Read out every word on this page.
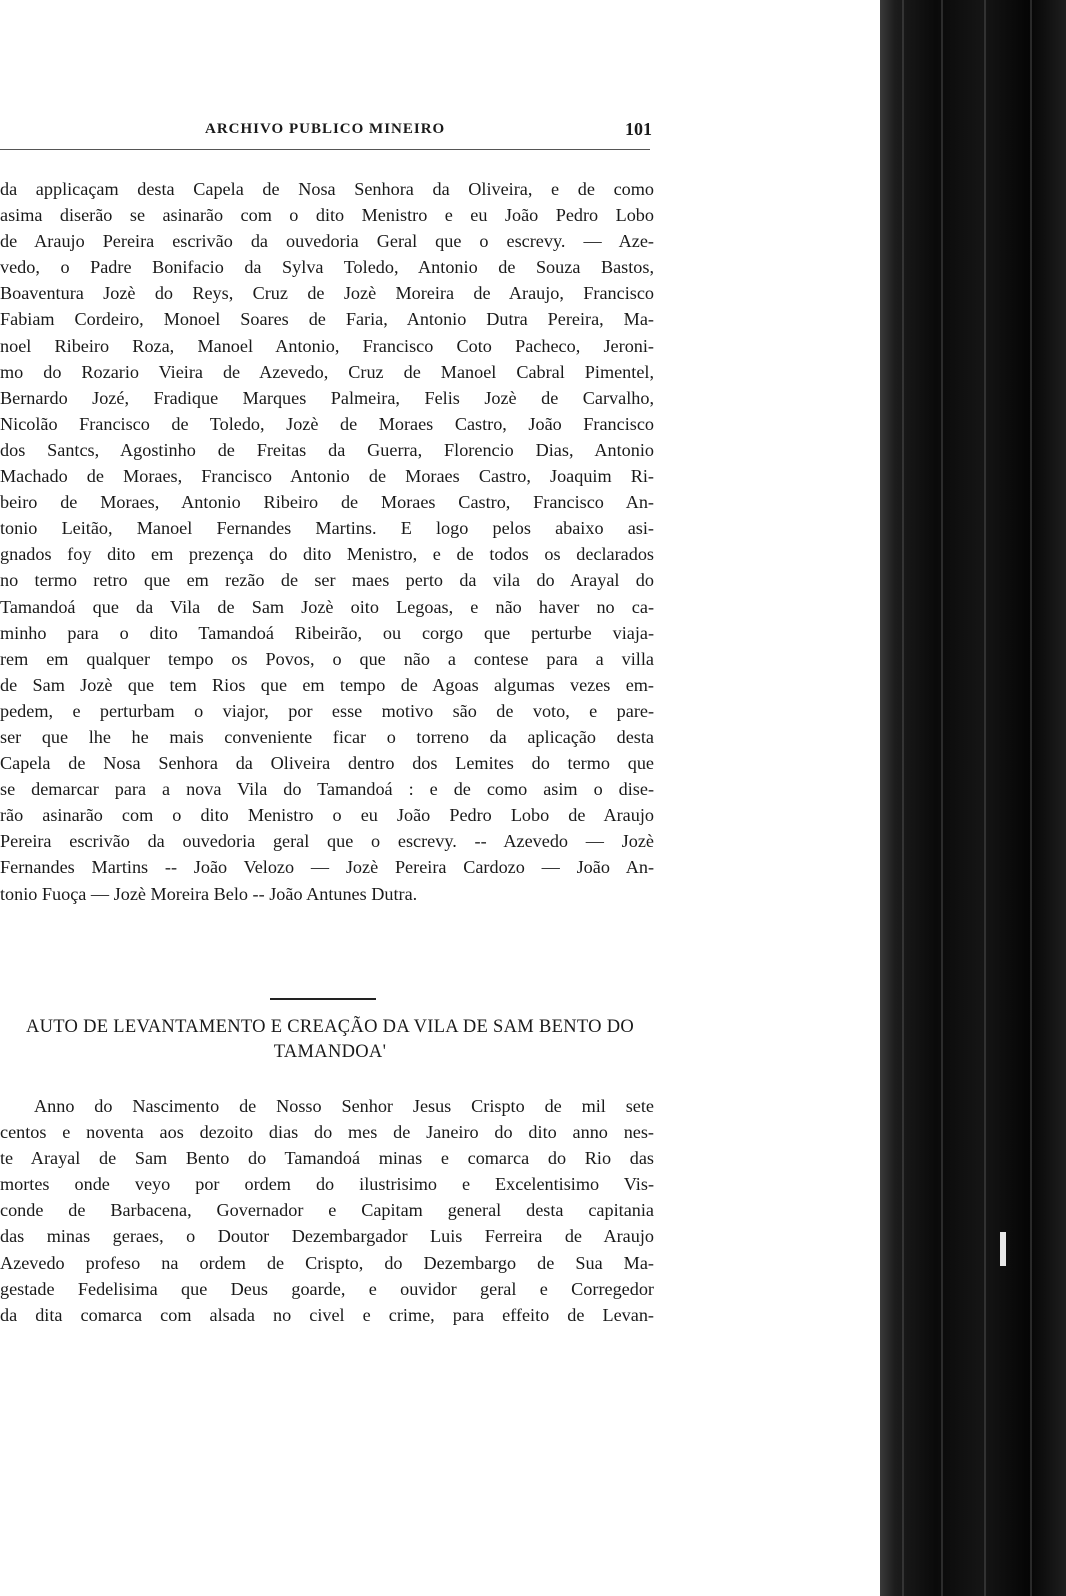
ARCHIVO PUBLICO MINEIRO	101

da applicaçam desta Capela de Nosa Senhora da Oliveira, e de como
asima diserão se asinarão com o dito Menistro e eu João Pedro Lobo
de Araujo Pereira escrivão da ouvedoria Geral que o escrevy. — Aze-
vedo, o Padre Bonifacio da Sylva Toledo, Antonio de Souza Bastos,
Boaventura Jozè do Reys, Cruz de Jozè Moreira de Araujo, Francisco
Fabiam Cordeiro, Monoel Soares de Faria, Antonio Dutra Pereira, Ma-
noel Ribeiro Roza, Manoel Antonio, Francisco Coto Pacheco, Jeroni-
mo do Rozario Vieira de Azevedo, Cruz de Manoel Cabral Pimentel,
Bernardo Jozé, Fradique Marques Palmeira, Felis Jozè de Carvalho,
Nicolão Francisco de Toledo, Jozè de Moraes Castro, João Francisco
dos Santcs, Agostinho de Freitas da Guerra, Florencio Dias, Antonio
Machado de Moraes, Francisco Antonio de Moraes Castro, Joaquim Ri-
beiro de Moraes, Antonio Ribeiro de Moraes Castro, Francisco An-
tonio Leitão, Manoel Fernandes Martins. E logo pelos abaixo asi-
gnados foy dito em prezença do dito Menistro, e de todos os declarados
no termo retro que em rezão de ser maes perto da vila do Arayal do
Tamandoá que da Vila de Sam Jozè oito Legoas, e não haver no ca-
minho para o dito Tamandoá Ribeirão, ou corgo que perturbe viaja-
rem em qualquer tempo os Povos, o que não a contese para a villa
de Sam Jozè que tem Rios que em tempo de Agoas algumas vezes em-
pedem, e perturbam o viajor, por esse motivo são de voto, e pare-
ser que lhe he mais conveniente ficar o torreno da aplicação desta
Capela de Nosa Senhora da Oliveira dentro dos Lemites do termo que
se demarcar para a nova Vila do Tamandoá : e de como asim o dise-
rão asinarão com o dito Menistro o eu João Pedro Lobo de Araujo
Pereira escrivão da ouvedoria geral que o escrevy. -- Azevedo — Jozè
Fernandes Martins -- João Velozo — Jozè Pereira Cardozo — João An-
tonio Fuoça — Jozè Moreira Belo -- João Antunes Dutra.

AUTO DE LEVANTAMENTO E CREAÇÃO DA VILA DE SAM BENTO DO
TAMANDOA'

Anno do Nascimento de Nosso Senhor Jesus Crispto de mil sete
centos e noventa aos dezoito dias do mes de Janeiro do dito anno nes-
te Arayal de Sam Bento do Tamandoá minas e comarca do Rio das
mortes onde veyo por ordem do ilustrisimo e Excelentisimo Vis-
conde de Barbacena, Governador e Capitam general desta capitania
das minas geraes, o Doutor Dezembargador Luis Ferreira de Araujo
Azevedo profeso na ordem de Crispto, do Dezembargo de Sua Ma-
gestade Fedelisima que Deus goarde, e ouvidor geral e Corregedor
da dita comarca com alsada no civel e crime, para effeito de Levan-
